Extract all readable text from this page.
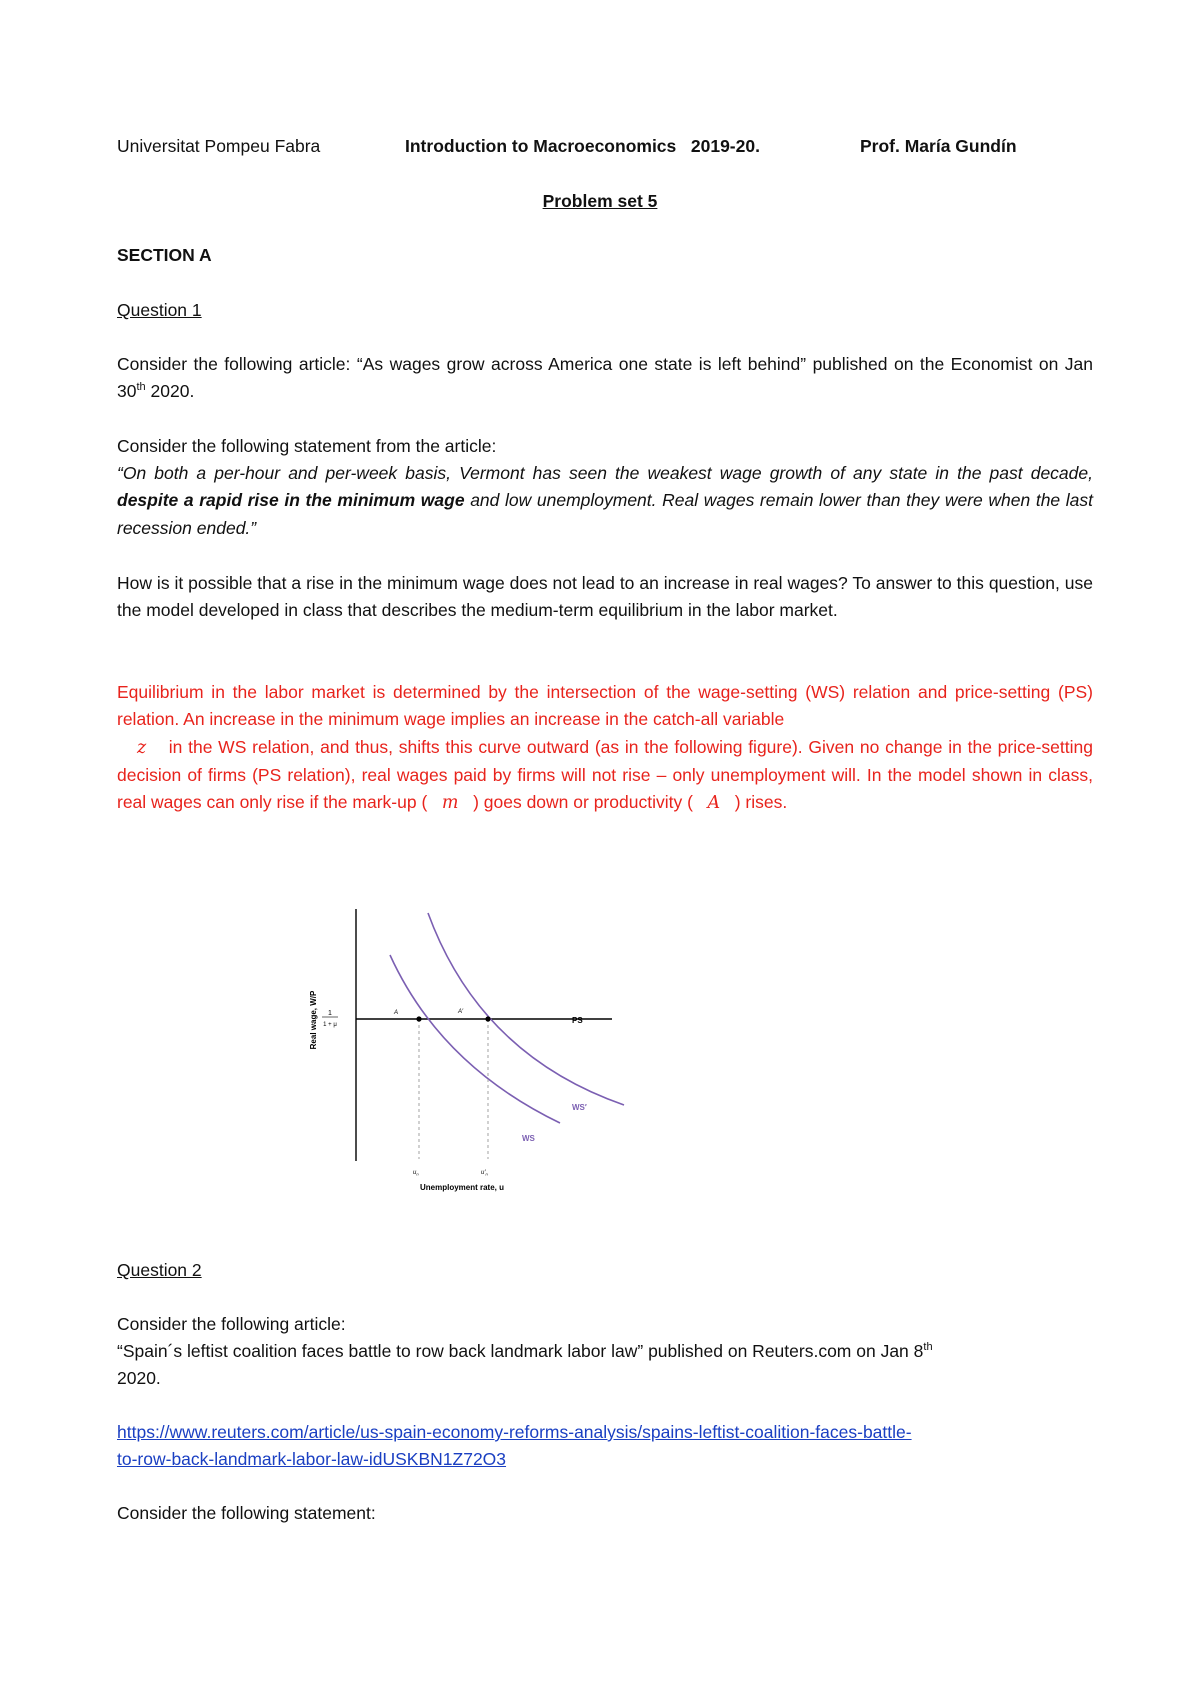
Universitat Pompeu Fabra	Introduction to Macroeconomics 2019-20.	Prof. María Gundín
Problem set 5
SECTION A
Question 1
Consider the following article: “As wages grow across America one state is left behind” published on the Economist on Jan 30th 2020.
Consider the following statement from the article:
“On both a per-hour and per-week basis, Vermont has seen the weakest wage growth of any state in the past decade, despite a rapid rise in the minimum wage and low unemployment. Real wages remain lower than they were when the last recession ended.”
How is it possible that a rise in the minimum wage does not lead to an increase in real wages? To answer to this question, use the model developed in class that describes the medium-term equilibrium in the labor market.
Equilibrium in the labor market is determined by the intersection of the wage-setting (WS) relation and price-setting (PS) relation. An increase in the minimum wage implies an increase in the catch-all variable
z in the WS relation, and thus, shifts this curve outward (as in the following figure). Given no change in the price-setting decision of firms (PS relation), real wages paid by firms will not rise – only unemployment will. In the model shown in class, real wages can only rise if the mark-up ( m ) goes down or productivity ( A ) rises.
1
1 + μ
Real wage, W/P	PS
WS′
WS
A	A′
$u_n$	$u'_n$
Unemployment rate, u
Question 2
Consider the following article:
“Spain´s leftist coalition faces battle to row back landmark labor law” published on Reuters.com on Jan 8th
2020.
https://www.reuters.com/article/us-spain-economy-reforms-analysis/spains-leftist-coalition-faces-battle-
to-row-back-landmark-labor-law-idUSKBN1Z72O3
Consider the following statement:
